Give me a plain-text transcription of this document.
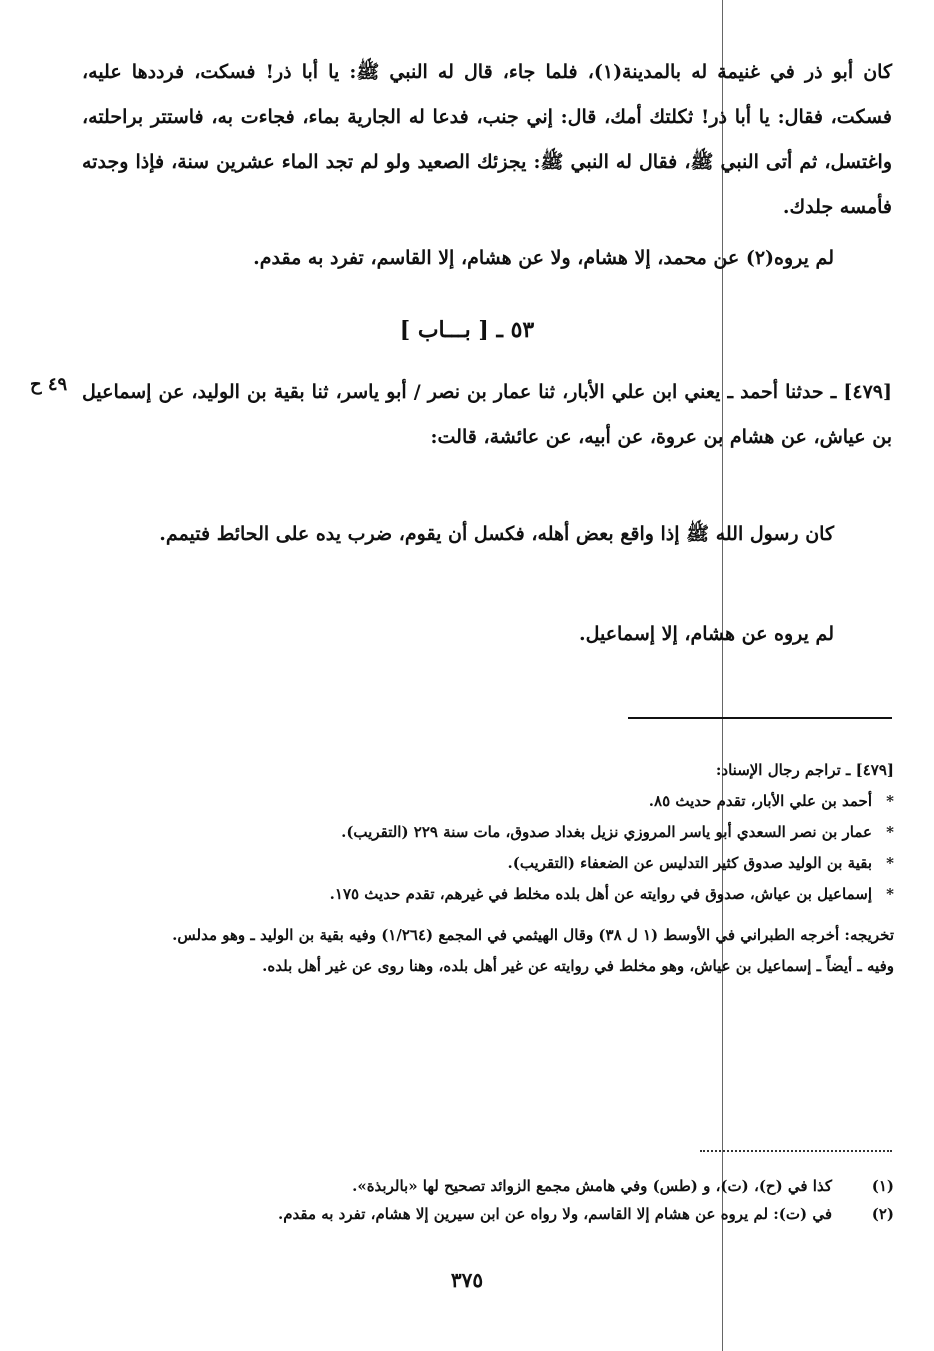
كان أبو ذر في غنيمة له بالمدينة(١)، فلما جاء، قال له النبي ﷺ: يا أبا ذر! فسكت، فرددها عليه، فسكت، فقال: يا أبا ذر! ثكلتك أمك، قال: إني جنب، فدعا له الجارية بماء، فجاءت به، فاستتر براحلته، واغتسل، ثم أتى النبي ﷺ، فقال له النبي ﷺ: يجزئك الصعيد ولو لم تجد الماء عشرين سنة، فإذا وجدته فأمسه جلدك.
لم يروه(٢) عن محمد، إلا هشام، ولا عن هشام، إلا القاسم، تفرد به مقدم.
٥٣ ـ [ بـــاب ]
٤٩ ح [٤٧٩] ـ حدثنا أحمد ـ يعني ابن علي الأبار، ثنا عمار بن نصر / أبو ياسر، ثنا بقية بن الوليد، عن إسماعيل بن عياش، عن هشام بن عروة، عن أبيه، عن عائشة، قالت:
كان رسول الله ﷺ إذا واقع بعض أهله، فكسل أن يقوم، ضرب يده على الحائط فتيمم.
لم يروه عن هشام، إلا إسماعيل.
[٤٧٩] ـ تراجم رجال الإسناد:
*
أحمد بن علي الأبار، تقدم حديث ٨٥.
*
عمار بن نصر السعدي أبو ياسر المروزي نزيل بغداد صدوق، مات سنة ٢٢٩ (التقريب).
*
بقية بن الوليد صدوق كثير التدليس عن الضعفاء (التقريب).
*
إسماعيل بن عياش، صدوق في روايته عن أهل بلده مخلط في غيرهم، تقدم حديث ١٧٥.
تخريجه: أخرجه الطبراني في الأوسط (١ ل ٣٨) وقال الهيثمي في المجمع (١/٢٦٤) وفيه بقية بن الوليد ـ وهو مدلس.
وفيه ـ أيضاً ـ إسماعيل بن عياش، وهو مخلط في روايته عن غير أهل بلده، وهنا روى عن غير أهل بلده.
(١)
كذا في (ح)، (ت)، و (طس) وفي هامش مجمع الزوائد تصحيح لها «بالربذة».
(٢)
في (ت): لم يروه عن هشام إلا القاسم، ولا رواه عن ابن سيرين إلا هشام، تفرد به مقدم.
٣٧٥
